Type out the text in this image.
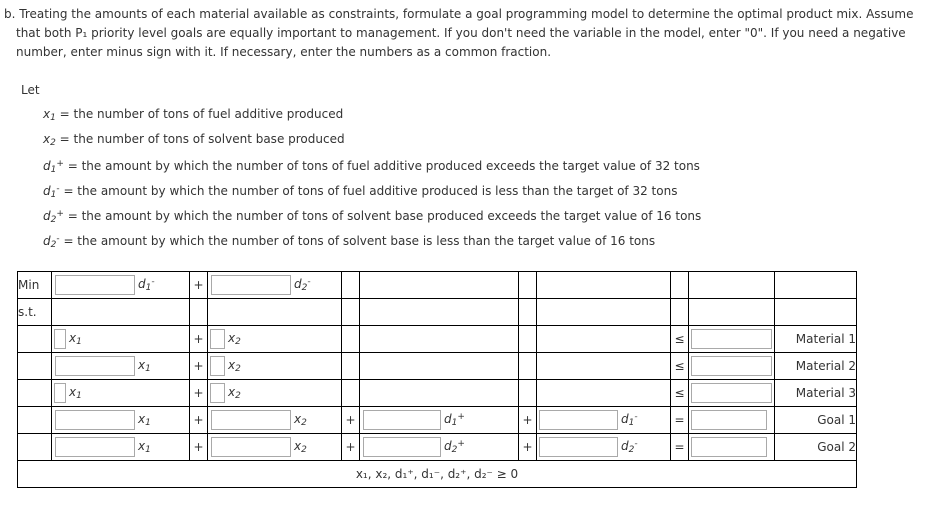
b. Treating the amounts of each material available as constraints, formulate a goal programming model to determine the optimal product mix. Assume
that both P₁ priority level goals are equally important to management. If you don't need the variable in the model, enter "0". If you need a negative
number, enter minus sign with it. If necessary, enter the numbers as a common fraction.
Let
$x_1$ = the number of tons of fuel additive produced
$x_2$ = the number of tons of solvent base produced
$d_1^+$ = the amount by which the number of tons of fuel additive produced exceeds the target value of 32 tons
$d_1^-$ = the amount by which the number of tons of fuel additive produced is less than the target of 32 tons
$d_2^+$ = the amount by which the number of tons of solvent base produced exceeds the target value of 16 tons
$d_2^-$ = the amount by which the number of tons of solvent base is less than the target value of 16 tons
Min	$d_1^-$	+	$d_2^-$

s.t.										

	$x_1$	+	$x_2$					≤		Material 1

	$x_1$	+	$x_2$					≤		Material 2

	$x_1$	+	$x_2$					≤		Material 3

	$x_1$	+	$x_2$	+	$d_1^+$	+	$d_1^-$	=		Goal 1

	$x_1$	+	$x_2$	+	$d_2^+$	+	$d_2^-$	=		Goal 2
x₁, x₂, d₁⁺, d₁⁻, d₂⁺, d₂⁻ ≥ 0										
